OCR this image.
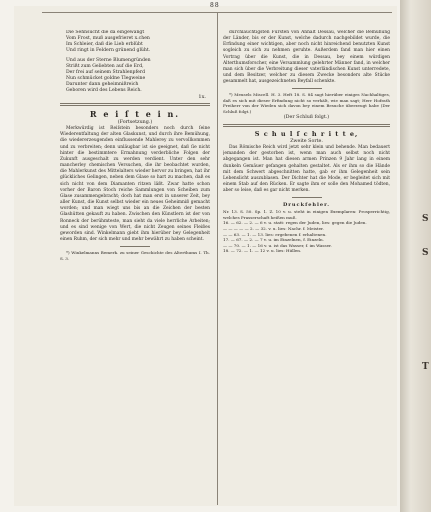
S
S
T
88

Die Sehnsucht die da eingewängt

Vom Frost, muß ausgefrieret x.chen

Im Schleier, daß die Lieb erblübt

Und ringt in Feldern grünend glüht.

Und aus der Sterne Blumengründen

Strißt zum Geliebten auf die Erd,

Der frei auf seinem Strahlenpferd

Nun schmücket goldne Tlegweine

Darunter dann geheimnißreich

Geboren wird des Lebens Reich.

1x.
R e i ſ t e i n.
(Fortsetzung.)

Merkwürdig ist Reiſstein besonders noch durch ſeine Wiederentfaltung der alten Glaskunst, und durch ihre Bemühung, die wiedererzeugenden einflussende Mahlerey zu vervollkommen und zu verbreiten; denn unläugbar ist sie geeignet, daß ſie nicht hinter die bestimmtere Ermahnung verderbliche Folgen der Zukunft ausgeschalt zu werden verdient. Unter den sehr mancherley chemischen Versuchen, die ihr beobachtet wurden, die Mahlerkunst des Mittelalters wieder hervor zu bringen, hat ihr glückliches Gelingen, neben dem Glase so hart zu machen, daß es sich nicht von dem Diamanten ritzen läßt. Zwar hatte schon vorher der Baron Stoch reiche Sammlungen von Scheiben zum Glase zusammengebracht; doch hat man erst in unserer Zeit, bey aller Kunst, die Kunst selbst wieder ein neues Geheimniß gemacht worden; und man wiegt uns bis an die Zeichen der besten Glashütten gekauft zu haben. Zwischen den Künstlern ist der von Ronneck der berühmteste, man sieht da viele herrliche Arbeiten; und es sind wenige von Wert, die nicht Zeugen seines Fleißes geworden sind. Winkelmann giebt ihm hierüber bey Gelegenheit einen Ruhm, der sich mehr und mehr bewährt zu haben scheint.

*) Winkelmanns Bemerk. zu seiner Geschichte des Alterthums I. Th. S. 3.

durchlauchtigsten Fürsten von Anhalt Dessau, welcher die Bemühung der Länder, bis er der Kunst, welche dadurch nachgebildet wurde, die Erfindung einer wichtigen, aber noch nicht hinreichend benutzten Kunst sogleich zu sich zu nehmen geruhte. Außerdem fand man hier einen Vortrag über die Kunst, die in Dessau, bey einem würdigen Alterthumsforscher, eine Versammlung gelehrter Männer fand, in welcher man sich über die Verbreitung dieser vaterländischen Kunst unterredete, und dem Besitzer, welcher zu diesem Zwecke besonders alte Stücke gesammelt hat, ausgezeichneten Beyfall schenkte.

*) Meusels Miscell. H. 3. Heft 18. S. 84 sagt hierüber einiges Nachhaltiges, daß es sich mit dieser Erfindung nicht so verhält, wie man sagt; Herr Hofrath Freiherr von der Wieden sich davon bey einem Besuche überzeugt habe (Der Schluß folgt.)

(Der Schluß folgt.)
S c h u l ſ c h r i t t e,
Zweite Sorte.

Das Römische Reich wird jetzt sehr klein und behende. Man bedauert jemanden der gestorben ist, wenn man auch selbst noch nicht abgegangen ist. Man hat diesen armen Prinzen 9 Jahr lang in einem dunkeln Gemäuer gefangen gehalten gestaltet. Als er ihm so die Hände mit dem Schwert abgeschnitten hatte, gab er ihm Gelegenheit sein Lebenslicht auszublasen. Der Dichter hat die Mode, er begleitet sich mit einem Stab auf den Rücken. Er sagte ihm er solle den Mohamed tödten, aber so leise, daß es gar nicht merken.

Druckfehler.

Nr. 13. S. 50. Sp. 1. Z. 10 v. u. steht in einigen Exemplaren: Prosperrichtig, welches Prasserschaft heißen muß.

16. — 62. — 2. — 6 v. u. statt: regen der Juden, lies: gegen die Juden.

— — — — — 2. — 32. v. u. lies: Nachr. f. Meister.

— — 63. — 1. — 13. lies: ergebenen f. erhaltenen.

17. — 67. — 2. — 7 v. u. im Einzelnen, f. Einzeln.

— — 70. — 1. — 16 v. u. ist das Wasser, f. im Wasser.

18. — 72. — 1. — 12 v. u. lies: Hüllen.
